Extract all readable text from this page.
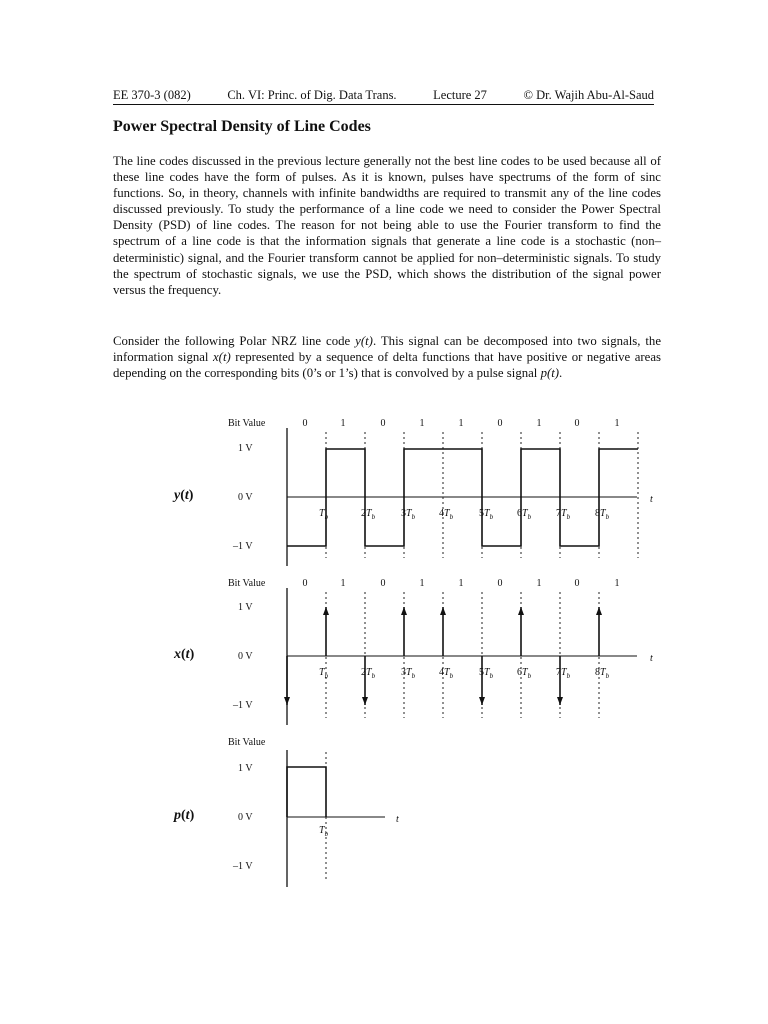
EE 370-3 (082)	Ch. VI: Princ. of Dig. Data Trans.	Lecture 27	© Dr. Wajih Abu-Al-Saud
Power Spectral Density of Line Codes

The line codes discussed in the previous lecture generally not the best line codes to be used because all of these line codes have the form of pulses. As it is known, pulses have spectrums of the form of sinc functions. So, in theory, channels with infinite bandwidths are required to transmit any of the line codes discussed previously. To study the performance of a line code we need to consider the Power Spectral Density (PSD) of line codes. The reason for not being able to use the Fourier transform to find the spectrum of a line code is that the information signals that generate a line code is a stochastic (non–deterministic) signal, and the Fourier transform cannot be applied for non–deterministic signals. To study the spectrum of stochastic signals, we use the PSD, which shows the distribution of the signal power versus the frequency.

Consider the following Polar NRZ line code y(t). This signal can be decomposed into two signals, the information signal x(t) represented by a sequence of delta functions that have positive or negative areas depending on the corresponding bits (0’s or 1’s) that is convolved by a pulse signal p(t).

Bit Value
1 V
0 V
–1 V
y(t)
0	1	0	1	1	0	1	0	1
t
$T_b$	$2T_b$	$3T_b$ $4T_b$	$5T_b$ $6T_b$ $7T_b$ $8T_b$
Bit Value
1 V
0 V
–1 V
x(t)
0	1	0	1	1	0	1	0	1
t
$T_b$	$2T_b$	$3T_b$ $4T_b$	$5T_b$ $6T_b$ $7T_b$ $8T_b$
Bit Value
1 V
0 V
–1 V
p(t)	t
$T_b$
